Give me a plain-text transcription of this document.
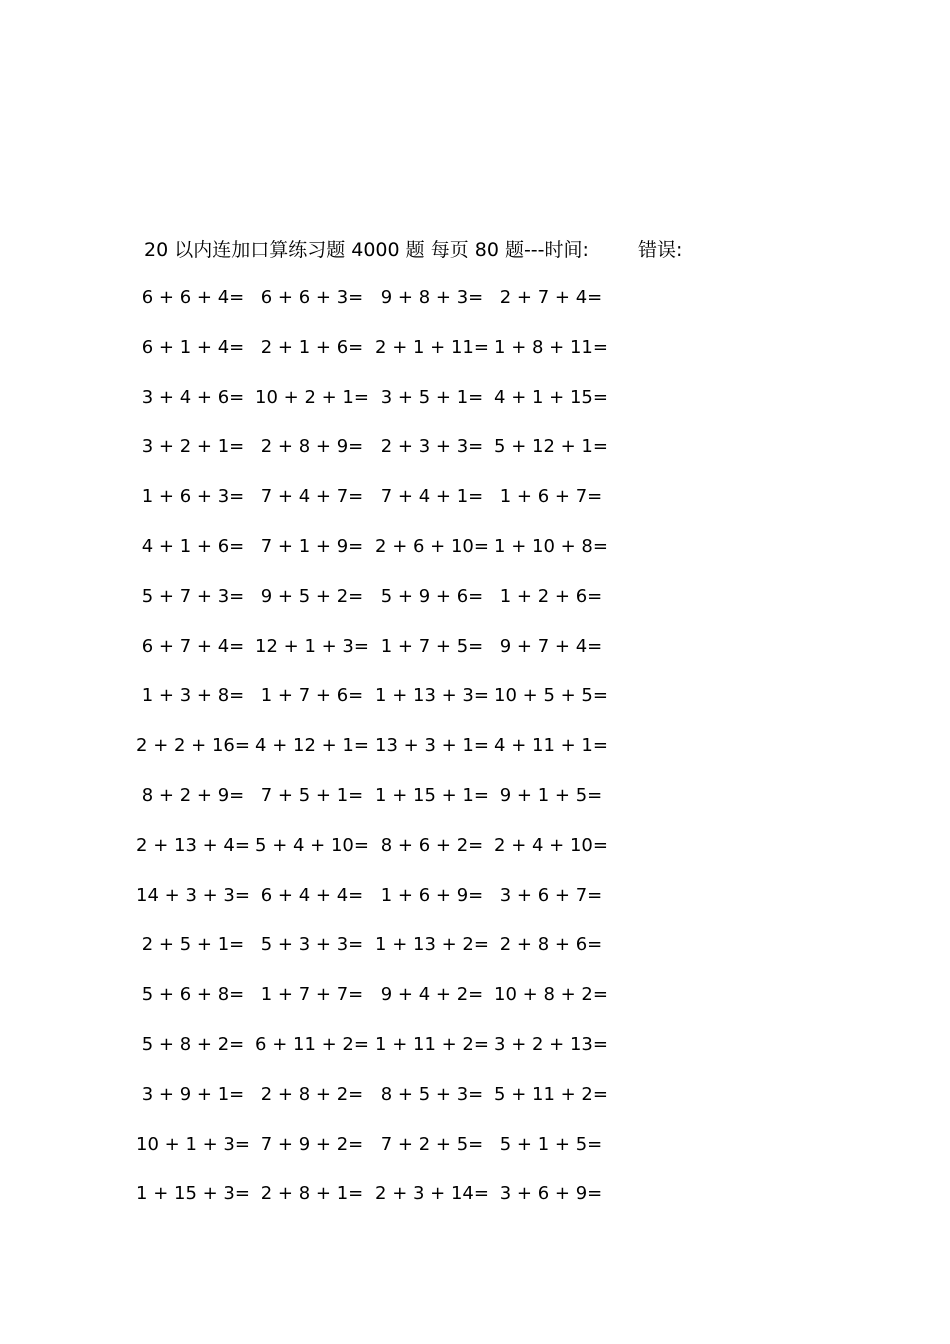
20 以内连加口算练习题 4000 题 每页 80 题---时间:	错误:
6 + 6 + 4= 6 + 6 + 3= 9 + 8 + 3= 2 + 7 + 4=
6 + 1 + 4= 2 + 1 + 6= 2 + 1 + 11= 1 + 8 + 11=
3 + 4 + 6= 10 + 2 + 1= 3 + 5 + 1= 4 + 1 + 15=
3 + 2 + 1= 2 + 8 + 9= 2 + 3 + 3= 5 + 12 + 1=
1 + 6 + 3= 7 + 4 + 7= 7 + 4 + 1= 1 + 6 + 7=
4 + 1 + 6= 7 + 1 + 9= 2 + 6 + 10= 1 + 10 + 8=
5 + 7 + 3= 9 + 5 + 2= 5 + 9 + 6= 1 + 2 + 6=
6 + 7 + 4= 12 + 1 + 3= 1 + 7 + 5= 9 + 7 + 4=
1 + 3 + 8= 1 + 7 + 6= 1 + 13 + 3= 10 + 5 + 5=
2 + 2 + 16= 4 + 12 + 1= 13 + 3 + 1= 4 + 11 + 1=
8 + 2 + 9= 7 + 5 + 1= 1 + 15 + 1= 9 + 1 + 5=
2 + 13 + 4= 5 + 4 + 10= 8 + 6 + 2= 2 + 4 + 10=
14 + 3 + 3= 6 + 4 + 4= 1 + 6 + 9= 3 + 6 + 7=
2 + 5 + 1= 5 + 3 + 3= 1 + 13 + 2= 2 + 8 + 6=
5 + 6 + 8= 1 + 7 + 7= 9 + 4 + 2= 10 + 8 + 2=
5 + 8 + 2= 6 + 11 + 2= 1 + 11 + 2= 3 + 2 + 13=
3 + 9 + 1= 2 + 8 + 2= 8 + 5 + 3= 5 + 11 + 2=
10 + 1 + 3= 7 + 9 + 2= 7 + 2 + 5= 5 + 1 + 5=
1 + 15 + 3= 2 + 8 + 1= 2 + 3 + 14= 3 + 6 + 9=
